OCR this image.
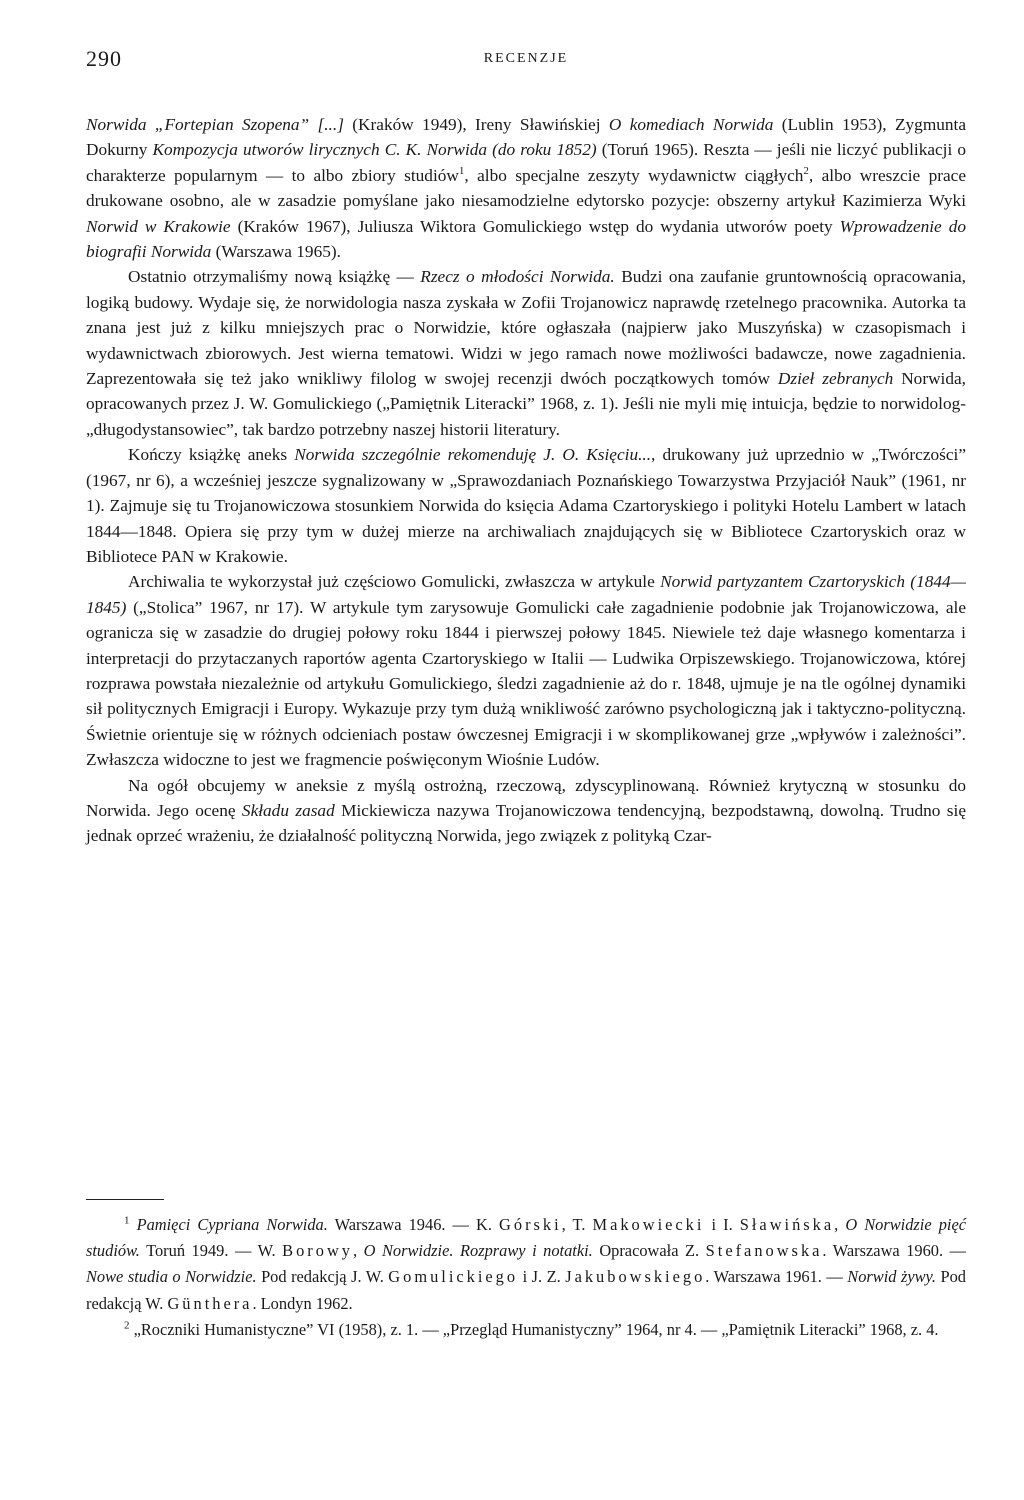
290	RECENZJE

Norwida „Fortepian Szopena” [...] (Kraków 1949), Ireny Sławińskiej O komediach Norwida (Lublin 1953), Zygmunta Dokurny Kompozycja utworów lirycznych C. K. Norwida (do roku 1852) (Toruń 1965). Reszta — jeśli nie liczyć publikacji o charakterze popularnym — to albo zbiory studiów$^1$, albo specjalne zeszyty wydawnictw ciągłych$^2$, albo wreszcie prace drukowane osobno, ale w zasadzie pomyślane jako niesamodzielne edytorsko pozycje: obszerny artykuł Kazimierza Wyki Norwid w Krakowie (Kraków 1967), Juliusza Wiktora Gomulickiego wstęp do wydania utworów poety Wprowadzenie do biografii Norwida (Warszawa 1965).

Ostatnio otrzymaliśmy nową książkę — Rzecz o młodości Norwida. Budzi ona zaufanie gruntownością opracowania, logiką budowy. Wydaje się, że norwidologia nasza zyskała w Zofii Trojanowicz naprawdę rzetelnego pracownika. Autorka ta znana jest już z kilku mniejszych prac o Norwidzie, które ogłaszała (najpierw jako Muszyńska) w czasopismach i wydawnictwach zbiorowych. Jest wierna tematowi. Widzi w jego ramach nowe możliwości badawcze, nowe zagadnienia. Zaprezentowała się też jako wnikliwy filolog w swojej recenzji dwóch początkowych tomów Dzieł zebranych Norwida, opracowanych przez J. W. Gomulickiego („Pamiętnik Literacki” 1968, z. 1). Jeśli nie myli mię intuicja, będzie to norwidolog-„długodystansowiec”, tak bardzo potrzebny naszej historii literatury.

Kończy książkę aneks Norwida szczególnie rekomenduję J. O. Księciu..., drukowany już uprzednio w „Twórczości” (1967, nr 6), a wcześniej jeszcze sygnalizowany w „Sprawozdaniach Poznańskiego Towarzystwa Przyjaciół Nauk” (1961, nr 1). Zajmuje się tu Trojanowiczowa stosunkiem Norwida do księcia Adama Czartoryskiego i polityki Hotelu Lambert w latach 1844—1848. Opiera się przy tym w dużej mierze na archiwaliach znajdujących się w Bibliotece Czartoryskich oraz w Bibliotece PAN w Krakowie.

Archiwalia te wykorzystał już częściowo Gomulicki, zwłaszcza w artykule Norwid partyzantem Czartoryskich (1844—1845) („Stolica” 1967, nr 17). W artykule tym zarysowuje Gomulicki całe zagadnienie podobnie jak Trojanowiczowa, ale ogranicza się w zasadzie do drugiej połowy roku 1844 i pierwszej połowy 1845. Niewiele też daje własnego komentarza i interpretacji do przytaczanych raportów agenta Czartoryskiego w Italii — Ludwika Orpiszewskiego. Trojanowiczowa, której rozprawa powstała niezależnie od artykułu Gomulickiego, śledzi zagadnienie aż do r. 1848, ujmuje je na tle ogólnej dynamiki sił politycznych Emigracji i Europy. Wykazuje przy tym dużą wnikliwość zarówno psychologiczną jak i taktyczno-polityczną. Świetnie orientuje się w różnych odcieniach postaw ówczesnej Emigracji i w skomplikowanej grze „wpływów i zależności”. Zwłaszcza widoczne to jest we fragmencie poświęconym Wiośnie Ludów.

Na ogół obcujemy w aneksie z myślą ostrożną, rzeczową, zdyscyplinowaną. Również krytyczną w stosunku do Norwida. Jego ocenę Składu zasad Mickiewicza nazywa Trojanowiczowa tendencyjną, bezpodstawną, dowolną. Trudno się jednak oprzeć wrażeniu, że działalność polityczną Norwida, jego związek z polityką Czar-

$^1$ Pamięci Cypriana Norwida. Warszawa 1946. — K. Górski, T. Makowiecki i I. Sławińska, O Norwidzie pięć studiów. Toruń 1949. — W. Borowy, O Norwidzie. Rozprawy i notatki. Opracowała Z. Stefanowska. Warszawa 1960. — Nowe studia o Norwidzie. Pod redakcją J. W. Gomulickiego i J. Z. Jakubowskiego. Warszawa 1961. — Norwid żywy. Pod redakcją W. Günthera. Londyn 1962.

$^2$ „Roczniki Humanistyczne” VI (1958), z. 1. — „Przegląd Humanistyczny” 1964, nr 4. — „Pamiętnik Literacki” 1968, z. 4.
